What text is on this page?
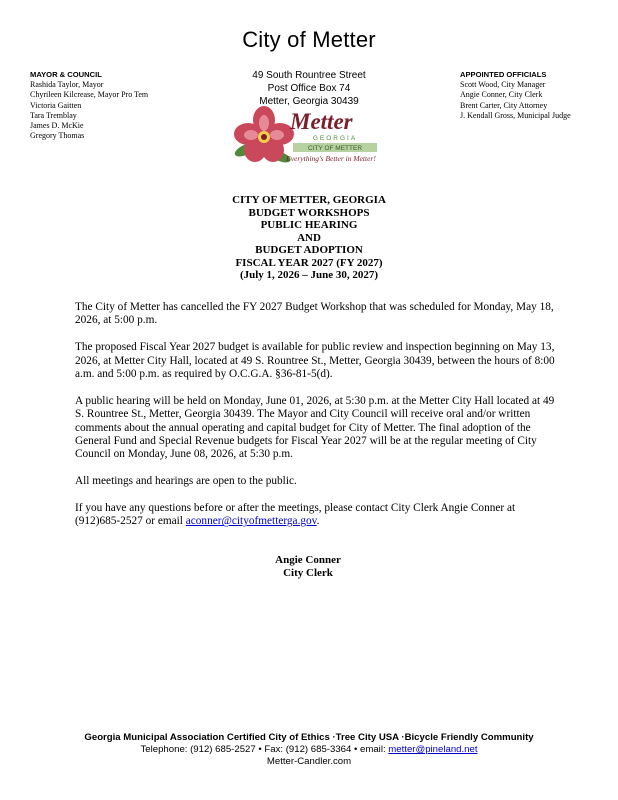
City of Metter
MAYOR & COUNCIL
Rashida Taylor, Mayor
Chyrileen Kilcrease, Mayor Pro Tem
Victoria Gaitten
Tara Tremblay
James D. McKie
Gregory Thomas
49 South Rountree Street
Post Office Box 74
Metter, Georgia 30439
Metter
GEORGIA
CITY OF METTER
Everything's Better in Metter!
APPOINTED OFFICIALS
Scott Wood, City Manager
Angie Conner, City Clerk
Brent Carter, City Attorney
J. Kendall Gross, Municipal Judge
CITY OF METTER, GEORGIA
BUDGET WORKSHOPS
PUBLIC HEARING
AND
BUDGET ADOPTION
FISCAL YEAR 2027 (FY 2027)
(July 1, 2026 – June 30, 2027)

The City of Metter has cancelled the FY 2027 Budget Workshop that was scheduled for Monday, May 18, 2026, at 5:00 p.m.

The proposed Fiscal Year 2027 budget is available for public review and inspection beginning on May 13, 2026, at Metter City Hall, located at 49 S. Rountree St., Metter, Georgia 30439, between the hours of 8:00 a.m. and 5:00 p.m. as required by O.C.G.A. §36-81-5(d).

A public hearing will be held on Monday, June 01, 2026, at 5:30 p.m. at the Metter City Hall located at 49 S. Rountree St., Metter, Georgia 30439. The Mayor and City Council will receive oral and/or written comments about the annual operating and capital budget for City of Metter. The final adoption of the General Fund and Special Revenue budgets for Fiscal Year 2027 will be at the regular meeting of City Council on Monday, June 08, 2026, at 5:30 p.m.

All meetings and hearings are open to the public.

If you have any questions before or after the meetings, please contact City Clerk Angie Conner at (912)685-2527 or email aconner@cityofmetterga.gov.

Angie Conner
City Clerk
Georgia Municipal Association Certified City of Ethics ·Tree City USA ·Bicycle Friendly Community
Telephone: (912) 685-2527 • Fax: (912) 685-3364 • email: metter@pineland.net
Metter-Candler.com
